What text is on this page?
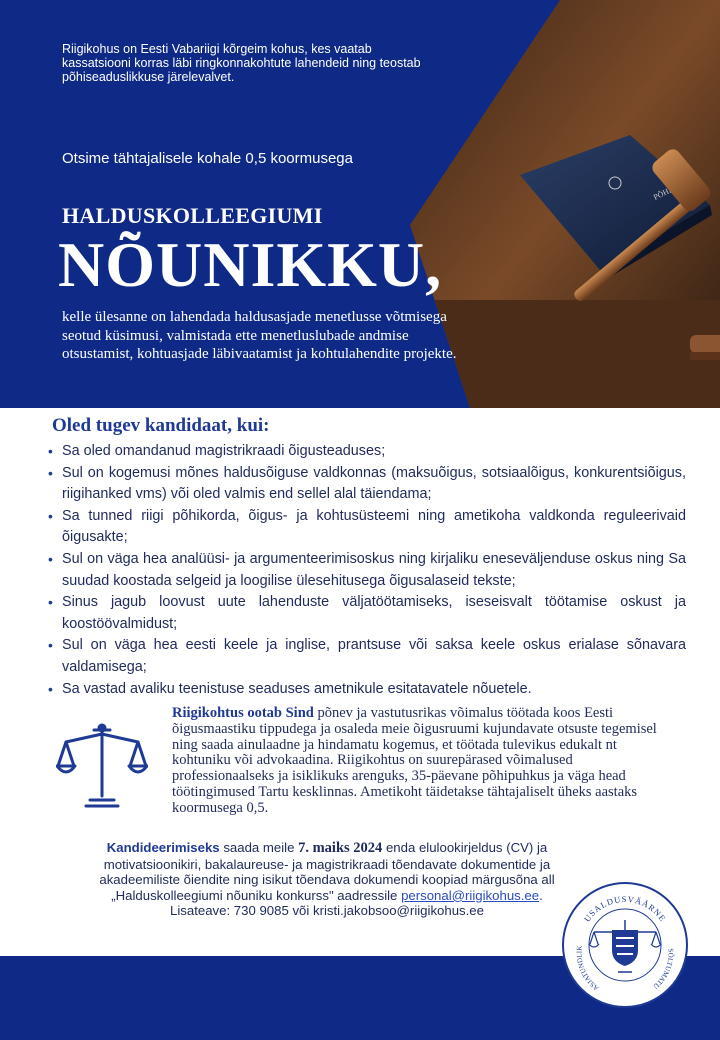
Riigikohus on Eesti Vabariigi kõrgeim kohus, kes vaatab kassatsiooni korras läbi ringkonnakohtute lahendeid ning teostab põhiseaduslikkuse järelevalvet.

Otsime tähtajalisele kohale 0,5 koormusega

HALDUSKOLLEEGIUMI
NÕUNIKKU,

kelle ülesanne on lahendada haldusasjade menetlusse võtmisega seotud küsimusi, valmistada ette menetluslubade andmise otsustamist, kohtuasjade läbivaatamist ja kohtulahendite projekte.

Oled tugev kandidaat, kui:
• Sa oled omandanud magistrikraadi õigusteaduses;
• Sul on kogemusi mõnes haldusõiguse valdkonnas (maksuõigus, sotsiaalõigus, konkurentsiõigus, riigihanked vms) või oled valmis end sellel alal täiendama;
• Sa tunned riigi põhikorda, õigus- ja kohtusüsteemi ning ametikoha valdkonda reguleerivaid õigusakte;
• Sul on väga hea analüüsi- ja argumenteerimisoskus ning kirjaliku eneseväljenduse oskus ning Sa suudad koostada selgeid ja loogilise ülesehitusega õigusalaseid tekste;
• Sinus jagub loovust uute lahenduste väljatöötamiseks, iseseisvalt töötamise oskust ja koostöövalmidust;
• Sul on väga hea eesti keele ja inglise, prantsuse või saksa keele oskus erialase sõnavara valdamisega;
• Sa vastad avaliku teenistuse seaduses ametnikule esitatavatele nõuetele.

Riigikohtus ootab Sind põnev ja vastutusrikas võimalus töötada koos Eesti õigusmaastiku tippudega ja osaleda meie õigusruumi kujundavate otsuste tegemisel ning saada ainulaadne ja hindamatu kogemus, et töötada tulevikus edukalt nt kohtuniku või advokaadina. Riigikohtus on suurepärased võimalused professionaalseks ja isiklikuks arenguks, 35-päevane põhipuhkus ja väga head töötingimused Tartu kesklinnas. Ametikoht täidetakse tähtajaliselt üheks aastaks koormusega 0,5.

Kandideerimiseks saada meile 7. maiks 2024 enda elulookirjeldus (CV) ja motivatsioonikiri, bakalaureuse- ja magistrikraadi tõendavate dokumentide ja akadeemiliste õiendite ning isikut tõendava dokumendi koopiad märgusõna all „Halduskolleegiumi nõuniku konkurss" aadressile personal@riigikohus.ee.
Lisateave: 730 9085 või kristi.jakobsoo@riigikohus.ee	USALDUSVÄÄRNE
ASJATUNDLIK	SÕLTUMATU
